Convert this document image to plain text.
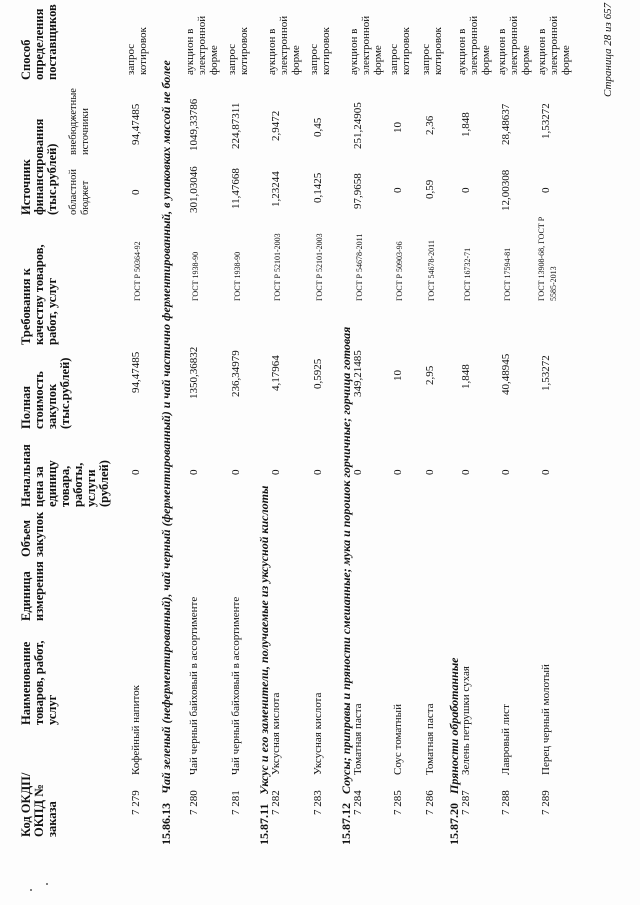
Код ОКДП/ ОКПД № заказа
Наименование товаров, работ, услуг
Единица измерения
Объем закупок
Начальная цена за единицу товара, работы, услуги (рублей)
Полная стоимость закупок (тыс.рублей)
Требования к качеству товаров, работ, услуг
Источник финансирования (тыс.рублей)
Способ определения поставщиков
областной бюджет
внебюджетные источники
7 279
Кофейный напиток
0
94,47485
ГОСТ Р 50364-92
0
94,47485
запрос котировок
15.86.13 Чай зеленый (неферментированный), чай черный (ферментированный) и чай частично ферментированный, в упаковках массой не более
7 280
Чай черный байховый в ассортименте
0
1350,36832
ГОСТ 1938-90
301,03046
1049,33786
аукцион в электронной форме
7 281
Чай черный байховый в ассортименте
0
236,34979
ГОСТ 1938-90
11,47668
224,87311
запрос котировок
15.87.11 Уксус и его заменители, получаемые из уксусной кислоты
7 282
Уксусная кислота
0
4,17964
ГОСТ Р 52101-2003
1,23244
2,9472
аукцион в электронной форме
7 283
Уксусная кислота
0
0,5925
ГОСТ Р 52101-2003
0,1425
0,45
запрос котировок
15.87.12 Соусы; приправы и пряности смешанные; мука и порошок горчичные; горчица готовая
7 284
Томатная паста
0
349,21485
ГОСТ Р 54678-2011
97,9658
251,24905
аукцион в электронной форме
7 285
Соус томатный
0
10
ГОСТ Р 50903-96
0
10
запрос котировок
7 286
Томатная паста
0
2,95
ГОСТ 54678-2011
0,59
2,36
запрос котировок
15.87.20 Пряности обработанные
7 287
Зелень петрушки сухая
0
1,848
ГОСТ 16732-71
0
1,848
аукцион в электронной форме
7 288
Лавровый лист
0
40,48945
ГОСТ 17594-81
12,00308
28,48637
аукцион в электронной форме
7 289
Перец черный молотый
0
1,53272
ГОСТ 13908-68, ГОСТ Р 5585-2013
0
1,53272
аукцион в электронной форме	Страница 28 из 657
